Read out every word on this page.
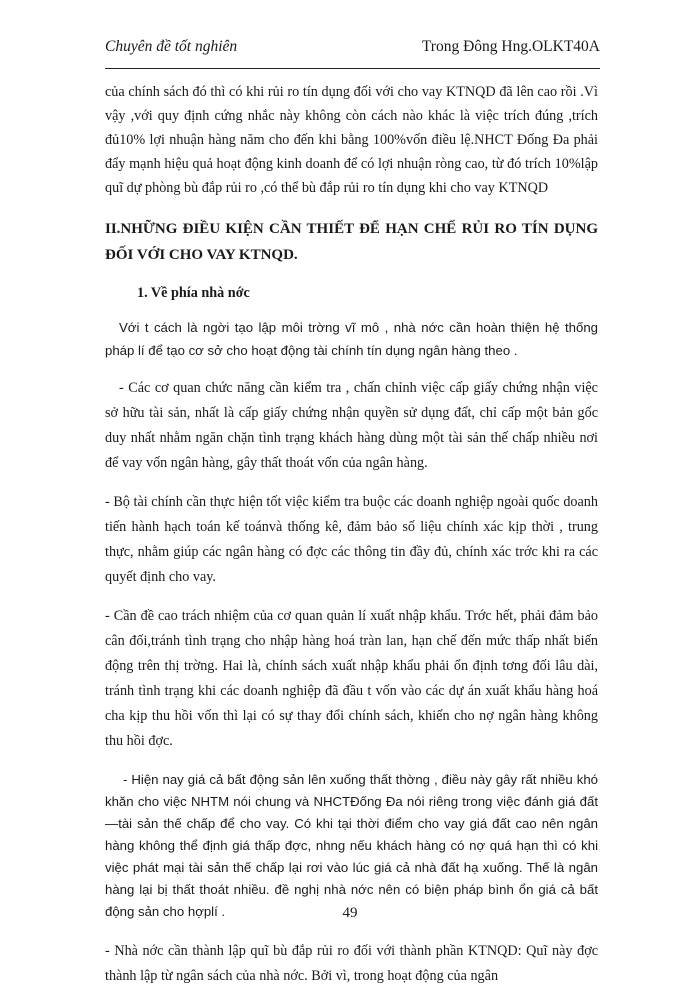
Chuyên đề tốt nghiên	Trong Đông Hng.OLKT40A

của chính sách đó thì có khi rủi ro tín dụng đối với cho vay KTNQD đã lên cao rồi .Vì vậy ,với quy định cứng nhắc này không còn cách nào khác là việc trích đúng ,trích đủ10% lợi nhuận hàng năm cho đến khi bằng 100%vốn điều lệ.NHCT Đống Đa phải đẩy mạnh hiệu quả hoạt động kinh doanh để có lợi nhuận ròng cao, từ đó trích 10%lập quĩ dự phòng bù đắp rủi ro ,có thể bù đắp rủi ro tín dụng khi cho vay KTNQD

II.NHỮNG ĐIỀU KIỆN CẦN THIẾT ĐỂ HẠN CHẾ RỦI RO TÍN DỤNG ĐỐI VỚI CHO VAY KTNQD.

1. Về phía nhà nớc

Với t cách là ngời tạo lập môi trờng vĩ mô , nhà nớc cần hoàn thiện hệ thống pháp lí để tạo cơ sở cho hoạt động tài chính tín dụng ngân hàng theo .

- Các cơ quan chức năng cần kiểm tra , chấn chỉnh việc cấp giấy chứng nhận việc sở hữu tài sản, nhất là cấp giấy chứng nhận quyền sử dụng đất, chỉ cấp một bản gốc duy nhất nhằm ngăn chặn tình trạng khách hàng dùng một tài sản thế chấp nhiều nơi để vay vốn ngân hàng, gây thất thoát vốn của ngân hàng.

- Bộ tài chính cần thực hiện tốt việc kiểm tra buộc các doanh nghiệp ngoài quốc doanh tiến hành hạch toán kế toánvà thống kê, đảm bảo số liệu chính xác kịp thời , trung thực, nhằm giúp các ngân hàng có đợc các thông tin đầy đủ, chính xác trớc khi ra các quyết định cho vay.

- Cần đề cao trách nhiệm của cơ quan quản lí xuất nhập khẩu. Trớc hết, phải đảm bảo cân đối,tránh tình trạng cho nhập hàng hoá tràn lan, hạn chế đến mức thấp nhất biến động trên thị trờng. Hai là, chính sách xuất nhập khẩu phải ổn định tơng đối lâu dài, tránh tình trạng khi các doanh nghiệp đã đầu t vốn vào các dự án xuất khẩu hàng hoá cha kịp thu hồi vốn thì lại có sự thay đổi chính sách, khiến cho nợ ngân hàng không thu hồi đợc.

- Hiện nay giá cả bất động sản lên xuống thất thờng , điều này gây rất nhiều khó khăn cho việc NHTM nói chung và NHCTĐống Đa nói riêng trong việc đánh giá đất —tài sản thế chấp để cho vay. Có khi tại thời điểm cho vay giá đất cao nên ngân hàng không thể định giá thấp đợc, nhng nếu khách hàng có nợ quá hạn thì có khi việc phát mại tài sản thế chấp lại rơi vào lúc giá cả nhà đất hạ xuống. Thế là ngân hàng lại bị thất thoát nhiều. đề nghị nhà nớc nên có biện pháp bình ổn giá cả bất động sản cho hợplí .

- Nhà nớc cần thành lập quĩ bù đắp rủi ro đối với thành phần KTNQD: Quĩ này đợc thành lập từ ngân sách của nhà nớc. Bởi vì, trong hoạt động của ngân

49
